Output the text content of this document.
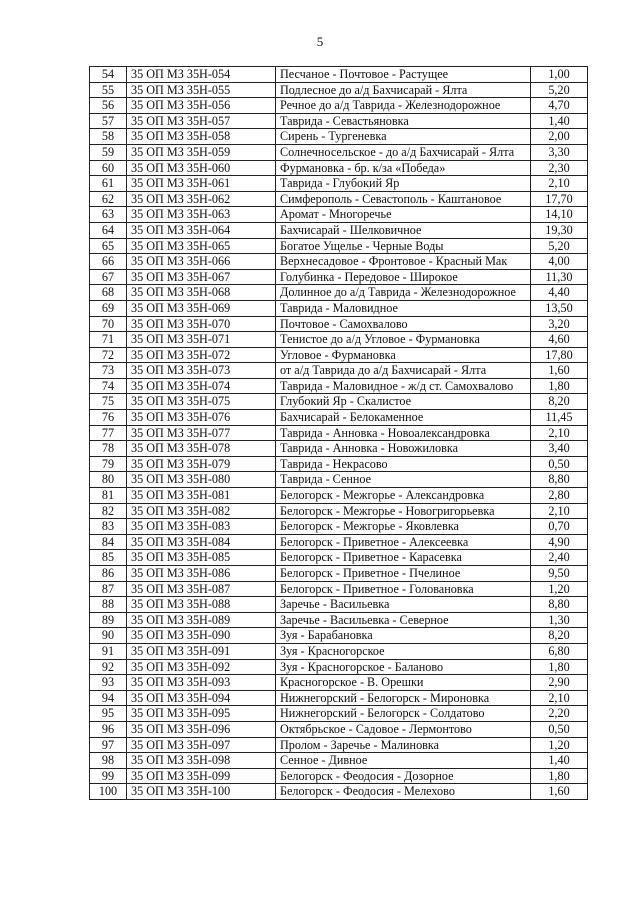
5
54	35 ОП МЗ 35Н-054	Песчаное - Почтовое - Растущее	1,00
55	35 ОП МЗ 35Н-055	Подлесное до а/д Бахчисарай - Ялта	5,20
56	35 ОП МЗ 35Н-056	Речное до а/д Таврида - Железнодорожное	4,70
57	35 ОП МЗ 35Н-057	Таврида - Севастьяновка	1,40
58	35 ОП МЗ 35Н-058	Сирень - Тургеневка	2,00
59	35 ОП МЗ 35Н-059	Солнечносельское - до а/д Бахчисарай - Ялта	3,30
60	35 ОП МЗ 35Н-060	Фурмановка - бр. к/за «Победа»	2,30
61	35 ОП МЗ 35Н-061	Таврида - Глубокий Яр	2,10
62	35 ОП МЗ 35Н-062	Симферополь - Севастополь - Каштановое	17,70
63	35 ОП МЗ 35Н-063	Аромат - Многоречье	14,10
64	35 ОП МЗ 35Н-064	Бахчисарай - Шелковичное	19,30
65	35 ОП МЗ 35Н-065	Богатое Ущелье - Черные Воды	5,20
66	35 ОП МЗ 35Н-066	Верхнесадовое - Фронтовое - Красный Мак	4,00
67	35 ОП МЗ 35Н-067	Голубинка - Передовое - Широкое	11,30
68	35 ОП МЗ 35Н-068	Долинное до а/д Таврида - Железнодорожное	4,40
69	35 ОП МЗ 35Н-069	Таврида - Маловидное	13,50
70	35 ОП МЗ 35Н-070	Почтовое - Самохвалово	3,20
71	35 ОП МЗ 35Н-071	Тенистое до а/д Угловое - Фурмановка	4,60
72	35 ОП МЗ 35Н-072	Угловое - Фурмановка	17,80
73	35 ОП МЗ 35Н-073	от а/д Таврида до а/д Бахчисарай - Ялта	1,60
74	35 ОП МЗ 35Н-074	Таврида - Маловидное - ж/д ст. Самохвалово	1,80
75	35 ОП МЗ 35Н-075	Глубокий Яр - Скалистое	8,20
76	35 ОП МЗ 35Н-076	Бахчисарай - Белокаменное	11,45
77	35 ОП МЗ 35Н-077	Таврида - Анновка - Новоалександровка	2,10
78	35 ОП МЗ 35Н-078	Таврида - Анновка - Новожиловка	3,40
79	35 ОП МЗ 35Н-079	Таврида - Некрасово	0,50
80	35 ОП МЗ 35Н-080	Таврида - Сенное	8,80
81	35 ОП МЗ 35Н-081	Белогорск - Межгорье - Александровка	2,80
82	35 ОП МЗ 35Н-082	Белогорск - Межгорье - Новогригорьевка	2,10
83	35 ОП МЗ 35Н-083	Белогорск - Межгорье - Яковлевка	0,70
84	35 ОП МЗ 35Н-084	Белогорск - Приветное - Алексеевка	4,90
85	35 ОП МЗ 35Н-085	Белогорск - Приветное - Карасевка	2,40
86	35 ОП МЗ 35Н-086	Белогорск - Приветное - Пчелиное	9,50
87	35 ОП МЗ 35Н-087	Белогорск - Приветное - Головановка	1,20
88	35 ОП МЗ 35Н-088	Заречье - Васильевка	8,80
89	35 ОП МЗ 35Н-089	Заречье - Васильевка - Северное	1,30
90	35 ОП МЗ 35Н-090	Зуя - Барабановка	8,20
91	35 ОП МЗ 35Н-091	Зуя - Красногорское	6,80
92	35 ОП МЗ 35Н-092	Зуя - Красногорское - Баланово	1,80
93	35 ОП МЗ 35Н-093	Красногорское - В. Орешки	2,90
94	35 ОП МЗ 35Н-094	Нижнегорский - Белогорск - Мироновка	2,10
95	35 ОП МЗ 35Н-095	Нижнегорский - Белогорск - Солдатово	2,20
96	35 ОП МЗ 35Н-096	Октябрьское - Садовое - Лермонтово	0,50
97	35 ОП МЗ 35Н-097	Пролом - Заречье - Малиновка	1,20
98	35 ОП МЗ 35Н-098	Сенное - Дивное	1,40
99	35 ОП МЗ 35Н-099	Белогорск - Феодосия - Дозорное	1,80
100	35 ОП МЗ 35Н-100	Белогорск - Феодосия - Мелехово	1,60
